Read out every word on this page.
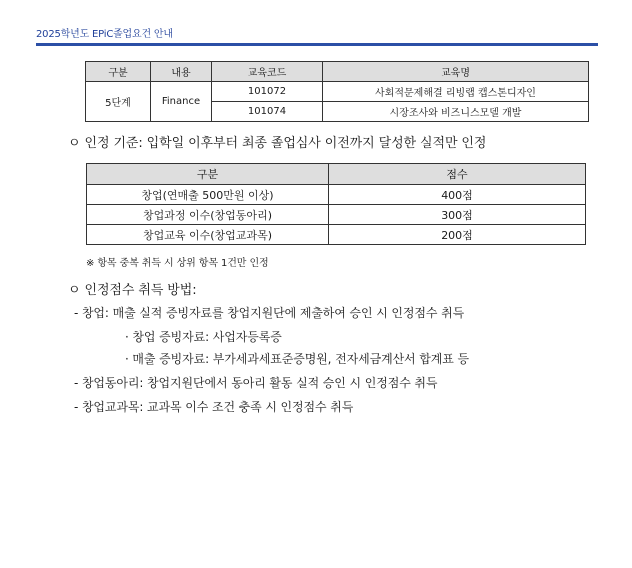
2025학년도 EPiC졸업요건 안내
구분	내용	교육코드	교육명
5단계	Finance	101072	사회적문제해결 리빙랩 캡스톤디자인
		101074	시장조사와 비즈니스모델 개발
ㅇ 인정 기준: 입학일 이후부터 최종 졸업심사 이전까지 달성한 실적만 인정
구분	점수
창업(연매출 500만원 이상)	400점
창업과정 이수(창업동아리)	300점
창업교육 이수(창업교과목)	200점
※ 항목 중복 취득 시 상위 항목 1건만 인정
ㅇ 인정점수 취득 방법:
- 창업: 매출 실적 증빙자료를 창업지원단에 제출하여 승인 시 인정점수 취득
· 창업 증빙자료: 사업자등록증
· 매출 증빙자료: 부가세과세표준증명원, 전자세금계산서 합계표 등
- 창업동아리: 창업지원단에서 동아리 활동 실적 승인 시 인정점수 취득
- 창업교과목: 교과목 이수 조건 충족 시 인정점수 취득
